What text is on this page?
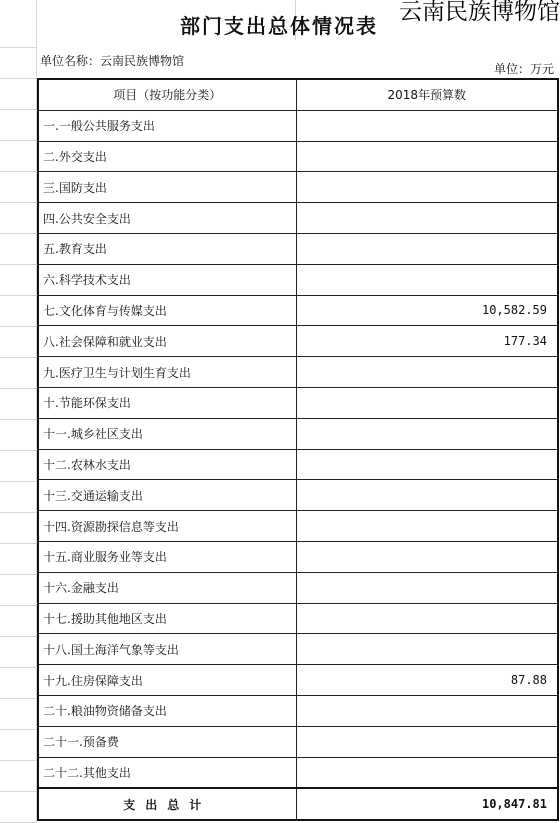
部门支出总体情况表
云南民族博物馆
单位名称：云南民族博物馆
单位：万元
项目（按功能分类）	2018年预算数
一.一般公共服务支出	
二.外交支出	
三.国防支出	
四.公共安全支出	
五.教育支出	
六.科学技术支出	
七.文化体育与传媒支出	10,582.59
八.社会保障和就业支出	177.34
九.医疗卫生与计划生育支出	
十.节能环保支出	
十一.城乡社区支出	
十二.农林水支出	
十三.交通运输支出	
十四.资源勘探信息等支出	
十五.商业服务业等支出	
十六.金融支出	
十七.援助其他地区支出	
十八.国土海洋气象等支出	
十九.住房保障支出	87.88
二十.粮油物资储备支出	
二十一.预备费	
二十二.其他支出	
支出总计	10,847.81
